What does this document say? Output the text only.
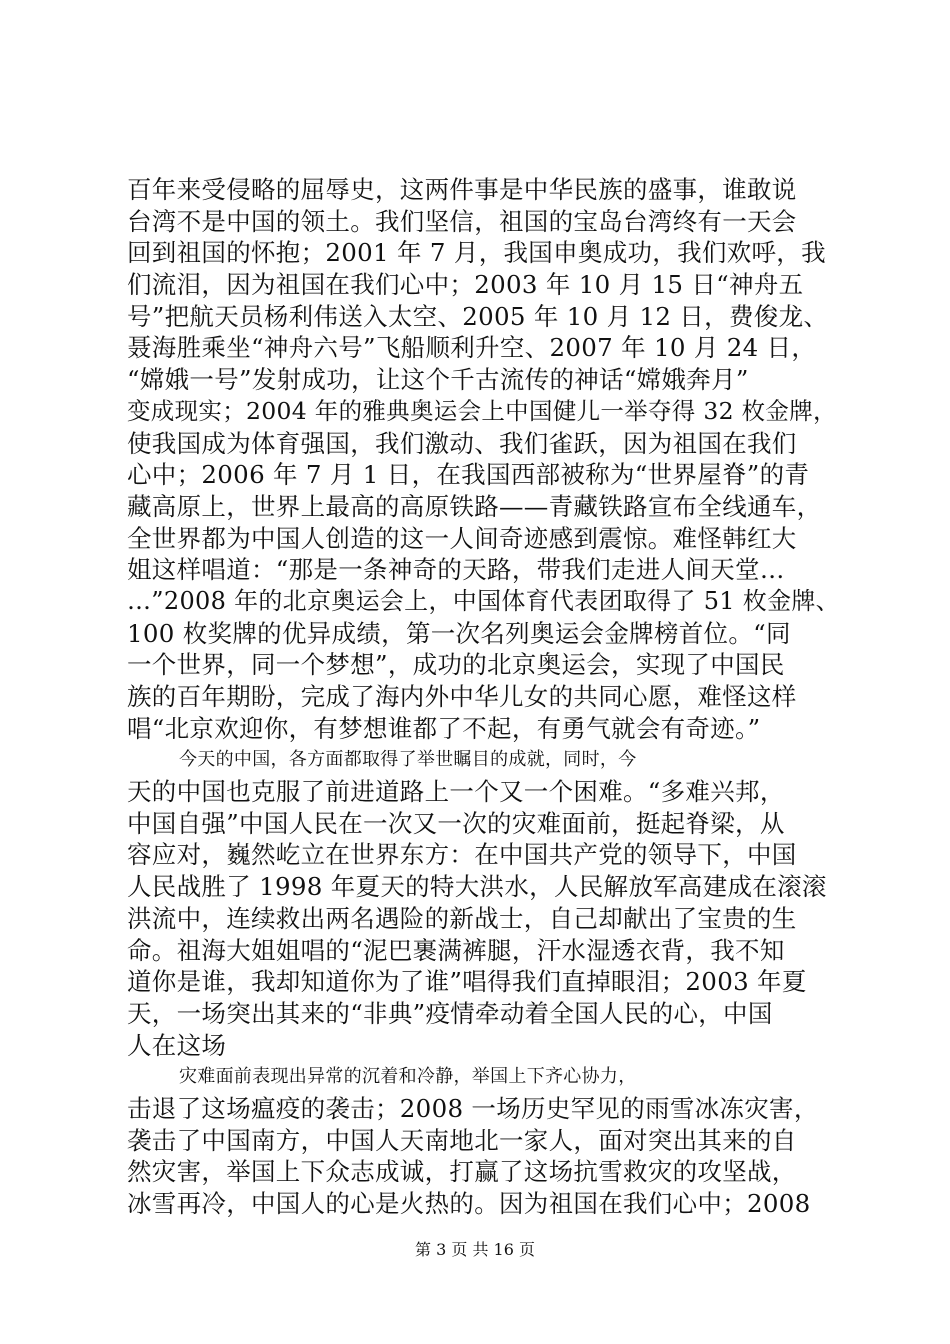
百年来受侵略的屈辱史，这两件事是中华民族的盛事，谁敢说
台湾不是中国的领土。我们坚信，祖国的宝岛台湾终有一天会
回到祖国的怀抱；2001 年 7 月，我国申奥成功，我们欢呼，我
们流泪，因为祖国在我们心中；2003 年 10 月 15 日“神舟五
号”把航天员杨利伟送入太空、2005 年 10 月 12 日，费俊龙、
聂海胜乘坐“神舟六号”飞船顺利升空、2007 年 10 月 24 日，
“嫦娥一号”发射成功，让这个千古流传的神话“嫦娥奔月”
变成现实；2004 年的雅典奥运会上中国健儿一举夺得 32 枚金牌，
使我国成为体育强国，我们激动、我们雀跃，因为祖国在我们
心中；2006 年 7 月 1 日，在我国西部被称为“世界屋脊”的青
藏高原上，世界上最高的高原铁路——青藏铁路宣布全线通车，
全世界都为中国人创造的这一人间奇迹感到震惊。难怪韩红大
姐这样唱道：“那是一条神奇的天路，带我们走进人间天堂…
…”2008 年的北京奥运会上，中国体育代表团取得了 51 枚金牌、
100 枚奖牌的优异成绩，第一次名列奥运会金牌榜首位。“同
一个世界，同一个梦想”，成功的北京奥运会，实现了中国民
族的百年期盼，完成了海内外中华儿女的共同心愿，难怪这样
唱“北京欢迎你，有梦想谁都了不起，有勇气就会有奇迹。”
今天的中国，各方面都取得了举世瞩目的成就，同时，今
天的中国也克服了前进道路上一个又一个困难。“多难兴邦，
中国自强”中国人民在一次又一次的灾难面前，挺起脊梁，从
容应对，巍然屹立在世界东方：在中国共产党的领导下，中国
人民战胜了 1998 年夏天的特大洪水，人民解放军高建成在滚滚
洪流中，连续救出两名遇险的新战士，自己却献出了宝贵的生
命。祖海大姐姐唱的“泥巴裹满裤腿，汗水湿透衣背，我不知
道你是谁，我却知道你为了谁”唱得我们直掉眼泪；2003 年夏
天，一场突出其来的“非典”疫情牵动着全国人民的心，中国
人在这场
灾难面前表现出异常的沉着和冷静，举国上下齐心协力，
击退了这场瘟疫的袭击；2008 一场历史罕见的雨雪冰冻灾害，
袭击了中国南方，中国人天南地北一家人，面对突出其来的自
然灾害，举国上下众志成诚，打赢了这场抗雪救灾的攻坚战，
冰雪再冷，中国人的心是火热的。因为祖国在我们心中；2008
第 3 页 共 16 页
